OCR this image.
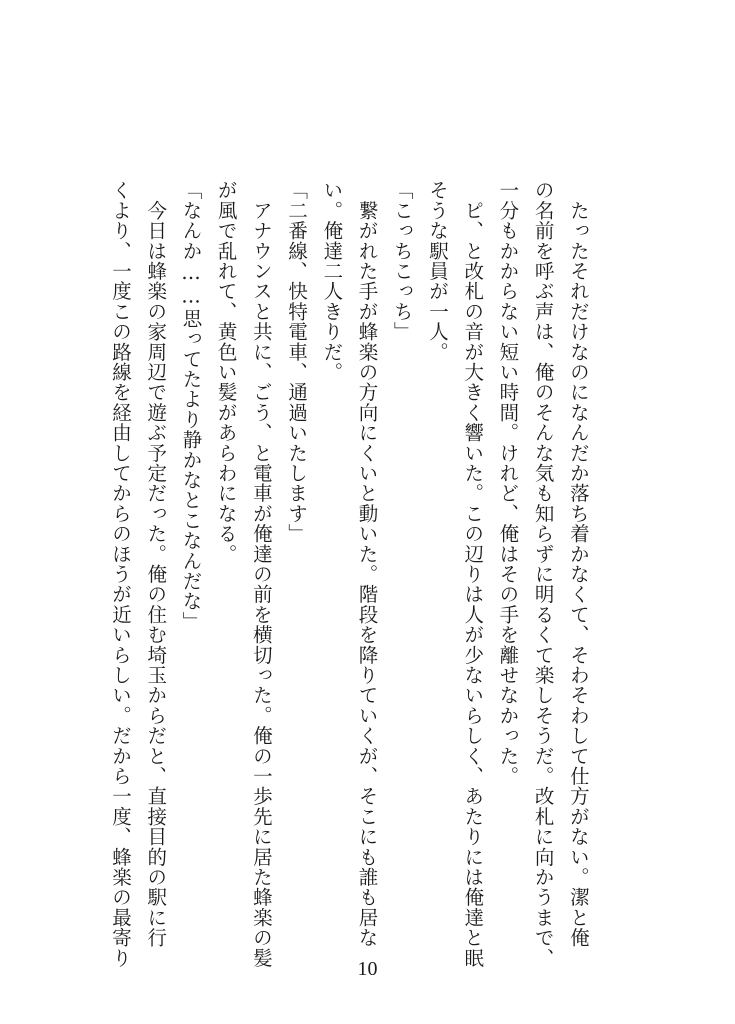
　たったそれだけなのになんだか落ち着かなくて、そわそわして仕方がない。潔と俺

の名前を呼ぶ声は、俺のそんな気も知らずに明るくて楽しそうだ。改札に向かうまで、

一分もかからない短い時間。けれど、俺はその手を離せなかった。

　ピ、と改札の音が大きく響いた。この辺りは人が少ないらしく、あたりには俺達と眠

そうな駅員が一人。

「こっちこっち」

　繋がれた手が蜂楽の方向にくいと動いた。階段を降りていくが、そこにも誰も居な

い。俺達二人きりだ。

「二番線、快特電車、通過いたします」

　アナウンスと共に、ごう、と電車が俺達の前を横切った。俺の一歩先に居た蜂楽の髪

が風で乱れて、黄色い髪があらわになる。

「なんか……思ってたより静かなとこなんだな」

　今日は蜂楽の家周辺で遊ぶ予定だった。俺の住む埼玉からだと、直接目的の駅に行

くより、一度この路線を経由してからのほうが近いらしい。だから一度、蜂楽の最寄り

10
